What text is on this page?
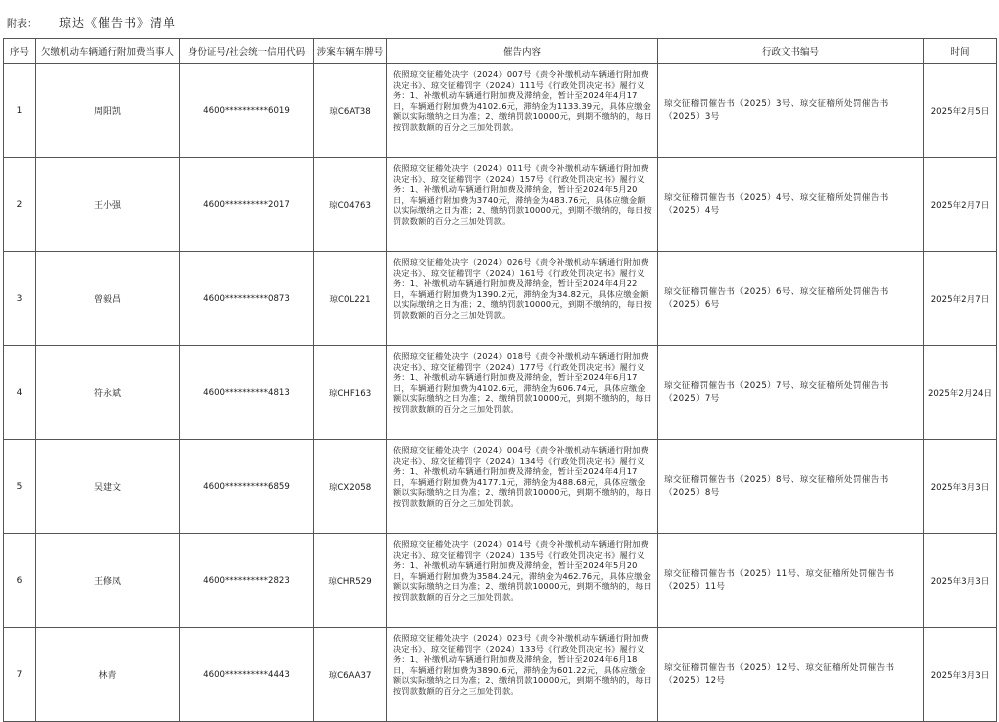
附表： 琼达《催告书》清单
序号	欠缴机动车辆通行附加费当事人	身份证号/社会统一信用代码	涉案车辆车牌号	催告内容	行政文书编号	时间
1	周阳凯	4600**********6019	琼C6AT38	依照琼交征稽处决字（2024）007号《责令补缴机动车辆通行附加费决定书》、琼交征稽罚字（2024）111号《行政处罚决定书》履行义务：1、补缴机动车辆通行附加费及滞纳金，暂计至2024年4月17日，车辆通行附加费为4102.6元，滞纳金为1133.39元，具体应缴金额以实际缴纳之日为准；2、缴纳罚款10000元，到期不缴纳的，每日按罚款数额的百分之三加处罚款。	琼交征稽罚催告书（2025）3号、琼交征稽所处罚催告书（2025）3号	2025年2月5日
2	王小强	4600**********2017	琼C04763	依照琼交征稽处决字（2024）011号《责令补缴机动车辆通行附加费决定书》、琼交征稽罚字（2024）157号《行政处罚决定书》履行义务：1、补缴机动车辆通行附加费及滞纳金，暂计至2024年5月20日，车辆通行附加费为3740元，滞纳金为483.76元，具体应缴金额以实际缴纳之日为准；2、缴纳罚款10000元，到期不缴纳的，每日按罚款数额的百分之三加处罚款。	琼交征稽罚催告书（2025）4号、琼交征稽所处罚催告书（2025）4号	2025年2月7日
3	曾毅昌	4600**********0873	琼C0L221	依照琼交征稽处决字（2024）026号《责令补缴机动车辆通行附加费决定书》、琼交征稽罚字（2024）161号《行政处罚决定书》履行义务：1、补缴机动车辆通行附加费及滞纳金，暂计至2024年4月22日，车辆通行附加费为1390.2元，滞纳金为34.82元，具体应缴金额以实际缴纳之日为准；2、缴纳罚款10000元，到期不缴纳的，每日按罚款数额的百分之三加处罚款。	琼交征稽罚催告书（2025）6号、琼交征稽所处罚催告书（2025）6号	2025年2月7日
4	符永斌	4600**********4813	琼CHF163	依照琼交征稽处决字（2024）018号《责令补缴机动车辆通行附加费决定书》、琼交征稽罚字（2024）177号《行政处罚决定书》履行义务：1、补缴机动车辆通行附加费及滞纳金，暂计至2024年6月17日，车辆通行附加费为4102.6元，滞纳金为606.74元，具体应缴金额以实际缴纳之日为准；2、缴纳罚款10000元，到期不缴纳的，每日按罚款数额的百分之三加处罚款。	琼交征稽罚催告书（2025）7号、琼交征稽所处罚催告书（2025）7号	2025年2月24日
5	吴建文	4600**********6859	琼CX2058	依照琼交征稽处决字（2024）004号《责令补缴机动车辆通行附加费决定书》、琼交征稽罚字（2024）134号《行政处罚决定书》履行义务：1、补缴机动车辆通行附加费及滞纳金，暂计至2024年4月17日，车辆通行附加费为4177.1元，滞纳金为488.68元，具体应缴金额以实际缴纳之日为准；2、缴纳罚款10000元，到期不缴纳的，每日按罚款数额的百分之三加处罚款。	琼交征稽罚催告书（2025）8号、琼交征稽所处罚催告书（2025）8号	2025年3月3日
6	王修凤	4600**********2823	琼CHR529	依照琼交征稽处决字（2024）014号《责令补缴机动车辆通行附加费决定书》、琼交征稽罚字（2024）135号《行政处罚决定书》履行义务：1、补缴机动车辆通行附加费及滞纳金，暂计至2024年5月20日，车辆通行附加费为3584.24元，滞纳金为462.76元，具体应缴金额以实际缴纳之日为准；2、缴纳罚款10000元，到期不缴纳的，每日按罚款数额的百分之三加处罚款。	琼交征稽罚催告书（2025）11号、琼交征稽所处罚催告书（2025）11号	2025年3月3日
7	林青	4600**********4443	琼C6AA37	依照琼交征稽处决字（2024）023号《责令补缴机动车辆通行附加费决定书》、琼交征稽罚字（2024）133号《行政处罚决定书》履行义务：1、补缴机动车辆通行附加费及滞纳金，暂计至2024年6月18日，车辆通行附加费为3890.6元，滞纳金为601.22元，具体应缴金额以实际缴纳之日为准；2、缴纳罚款10000元，到期不缴纳的，每日按罚款数额的百分之三加处罚款。	琼交征稽罚催告书（2025）12号、琼交征稽所处罚催告书（2025）12号	2025年3月3日
